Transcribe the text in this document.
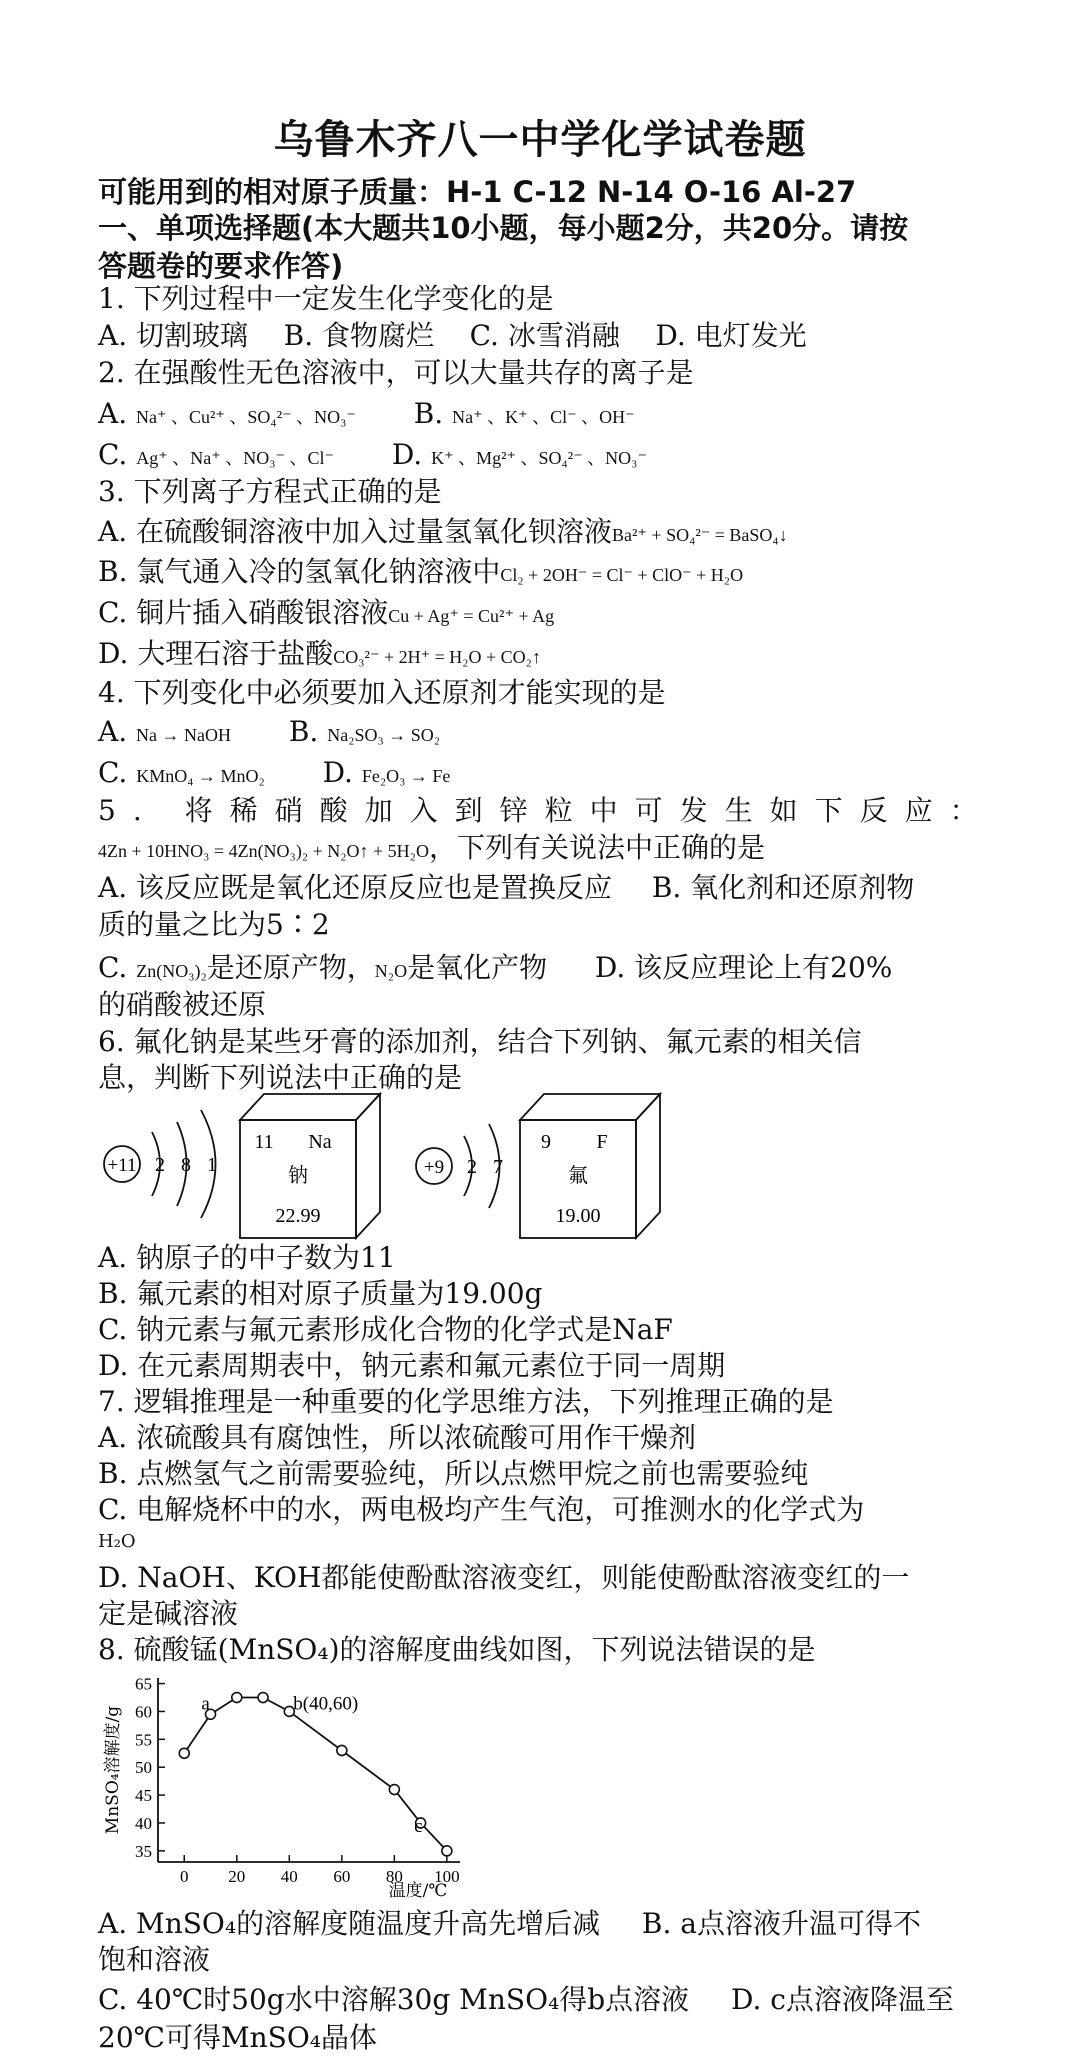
乌鲁木齐八一中学化学试卷题
可能用到的相对原子质量：H-1 C-12 N-14 O-16 Al-27
一、单项选择题(本大题共10小题，每小题2分，共20分。请按
答题卷的要求作答)
1. 下列过程中一定发生化学变化的是
A. 切割玻璃    B. 食物腐烂    C. 冰雪消融    D. 电灯发光
2. 在强酸性无色溶液中，可以大量共存的离子是
A. Na⁺ 、Cu²⁺ 、SO₄²⁻ 、NO₃⁻ B. Na⁺ 、K⁺ 、Cl⁻ 、OH⁻
C. Ag⁺ 、Na⁺ 、NO₃⁻ 、Cl⁻ D. K⁺ 、Mg²⁺ 、SO₄²⁻ 、NO₃⁻
3. 下列离子方程式正确的是
A. 在硫酸铜溶液中加入过量氢氧化钡溶液Ba²⁺ + SO₄²⁻ = BaSO₄↓
B. 氯气通入冷的氢氧化钠溶液中Cl₂ + 2OH⁻ = Cl⁻ + ClO⁻ + H₂O
C. 铜片插入硝酸银溶液Cu + Ag⁺ = Cu²⁺ + Ag
D. 大理石溶于盐酸CO₃²⁻ + 2H⁺ = H₂O + CO₂↑
4. 下列变化中必须要加入还原剂才能实现的是
A. Na → NaOH B. Na₂SO₃ → SO₂
C. KMnO₄ → MnO₂ D. Fe₂O₃ → Fe
5. 将稀硝酸加入到锌粒中可发生如下反应：
4Zn + 10HNO₃ = 4Zn(NO₃)₂ + N₂O↑ + 5H₂O，下列有关说法中正确的是
A. 该反应既是氧化还原反应也是置换反应 B. 氧化剂和还原剂物
质的量之比为5∶2
C. Zn(NO₃)₂是还原产物，N₂O是氧化产物 D. 该反应理论上有20%
的硝酸被还原
6. 氟化钠是某些牙膏的添加剂，结合下列钠、氟元素的相关信
息，判断下列说法中正确的是
+11 2 8 1
11 Na
钠
22.99
+9 2 7
9 F
氟
19.00
A. 钠原子的中子数为11
B. 氟元素的相对原子质量为19.00g
C. 钠元素与氟元素形成化合物的化学式是NaF
D. 在元素周期表中，钠元素和氟元素位于同一周期
7. 逻辑推理是一种重要的化学思维方法，下列推理正确的是
A. 浓硫酸具有腐蚀性，所以浓硫酸可用作干燥剂
B. 点燃氢气之前需要验纯，所以点燃甲烷之前也需要验纯
C. 电解烧杯中的水，两电极均产生气泡，可推测水的化学式为
H₂O
D. NaOH、KOH都能使酚酞溶液变红，则能使酚酞溶液变红的一
定是碱溶液
8. 硫酸锰(MnSO₄)的溶解度曲线如图，下列说法错误的是
35
40
45
50
55
60
65
0 20 40 60 80 100
a	b(40,60)
c
温度/℃
MnSO₄溶解度/g
A. MnSO₄的溶解度随温度升高先增后减 B. a点溶液升温可得不
饱和溶液
C. 40℃时50g水中溶解30g MnSO₄得b点溶液 D. c点溶液降温至
20℃可得MnSO₄晶体
